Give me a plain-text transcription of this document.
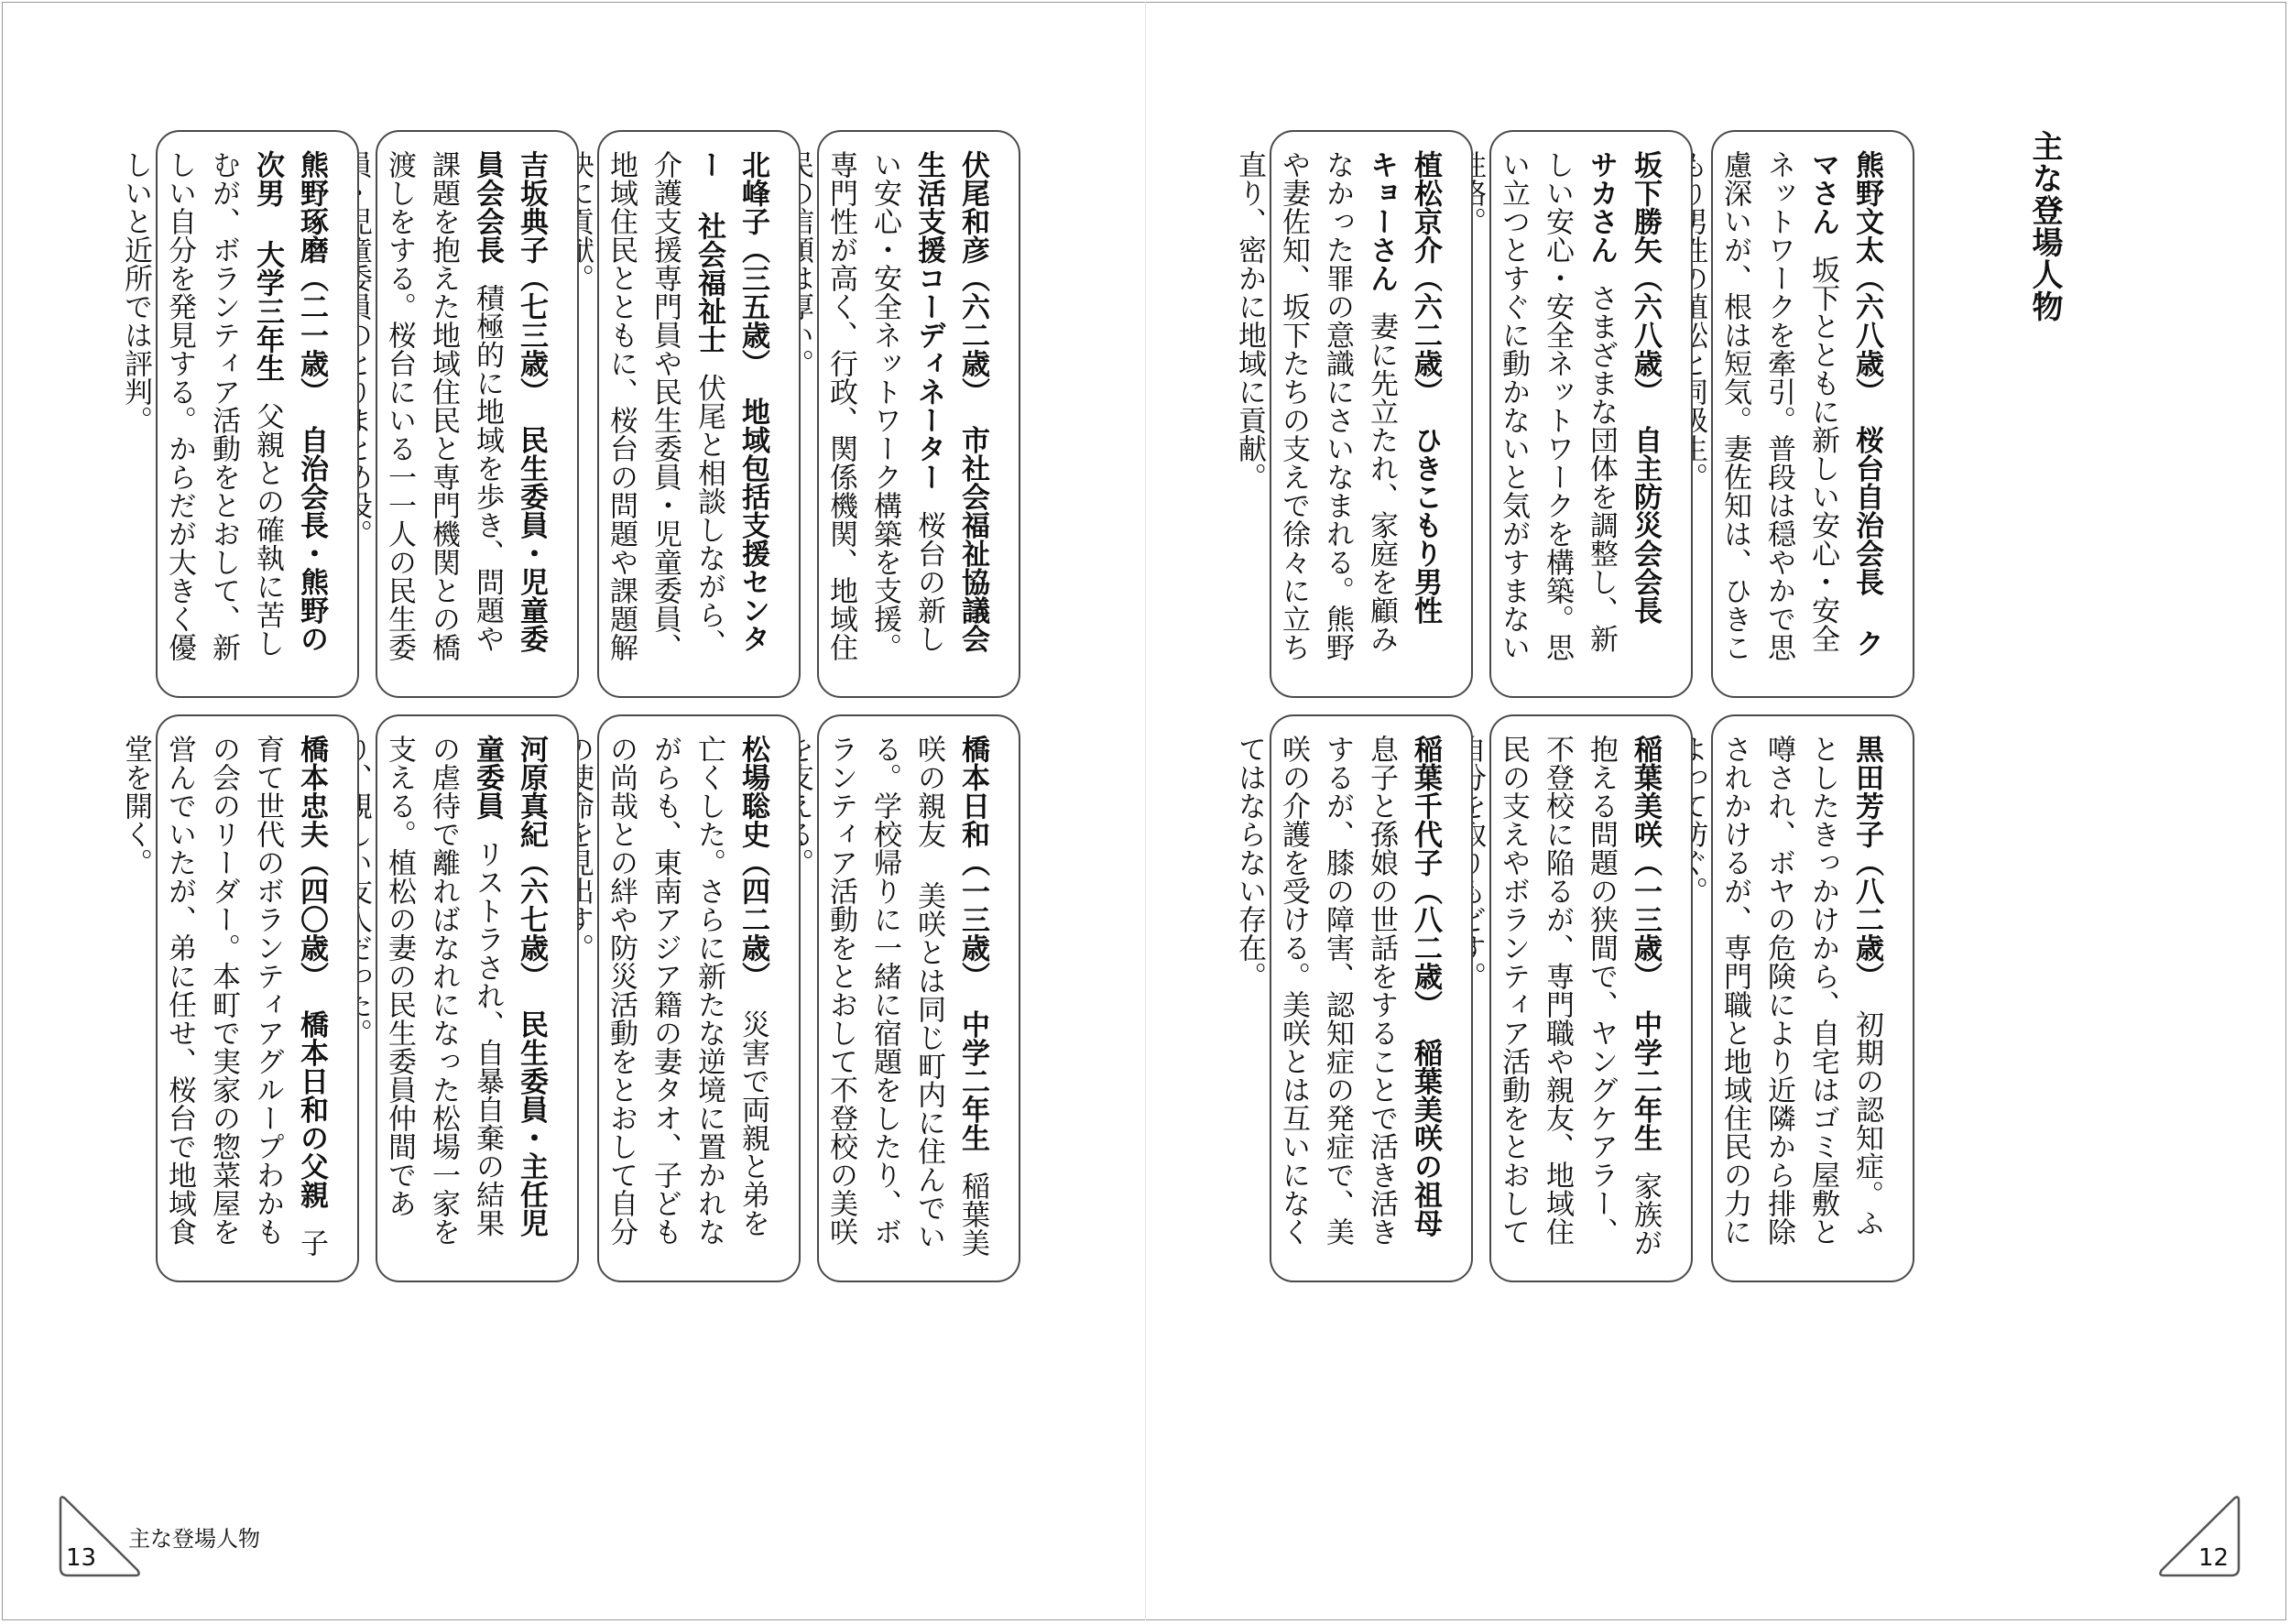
主な登場人物
熊野文太（六八歳）桜台自治会長 クマさん坂下とともに新しい安心・安全ネットワークを牽引。普段は穏やかで思慮深いが、根は短気。妻佐知は、ひきこ
坂下勝矢（六八歳）自主防災会会長 サカさんさまざまな団体を調整し、新しい安心・安全ネットワークを構築。思い立つとすぐに動かないと気がすまない
植松京介（六二歳）ひきこもり男性 キョーさん妻に先立たれ、家庭を顧みなかった罪の意識にさいなまれる。熊野や妻佐知、坂下たちの支えで徐々に立ち直り、密かに地域に貢献。
黒田芳子（八二歳）初期の認知症。ふとしたきっかけから、自宅はゴミ屋敷と噂され、ボヤの危険により近隣から排除されかけるが、専門職と地域住民の力に
稲葉美咲（一三歳）中学二年生家族が抱える問題の狭間で、ヤングケアラー、不登校に陥るが、専門職や親友、地域住民の支えやボランティア活動をとおして
稲葉千代子（八二歳）稲葉美咲の祖母息子と孫娘の世話をすることで活き活きするが、膝の障害、認知症の発症で、美咲の介護を受ける。美咲とは互いになくてはならない存在。
伏尾和彦（六二歳）市社会福祉協議会 生活支援コーディネーター桜台の新しい安心・安全ネットワーク構築を支援。専門性が高く、行政、関係機関、地域住
北峰子（三五歳）地域包括支援センター 社会福祉士伏尾と相談しながら、介護支援専門員や民生委員・児童委員、地域住民とともに、桜台の問題や課題解
吉坂典子（七三歳）民生委員・児童委員会会長積極的に地域を歩き、問題や課題を抱えた地域住民と専門機関との橋渡しをする。桜台にいる一一人の民生委
熊野琢磨（二一歳）自治会長・熊野の次男 大学三年生父親との確執に苦しむが、ボランティア活動をとおして、新しい自分を発見する。からだが大きく優しいと近所では評判。
橋本日和（一三歳）中学二年生稲葉美咲の親友 美咲とは同じ町内に住んでいる。学校帰りに一緒に宿題をしたり、ボランティア活動をとおして不登校の美咲
松場聡史（四二歳）災害で両親と弟を亡くした。さらに新たな逆境に置かれながらも、東南アジア籍の妻タオ、子どもの尚哉との絆や防災活動をとおして自分
河原真紀（六七歳）民生委員・主任児童委員リストラされ、自暴自棄の結果の虐待で離ればなれになった松場一家を支える。植松の妻の民生委員仲間であ
橋本忠夫（四〇歳）橋本日和の父親子育て世代のボランティアグループわかもの会のリーダー。本町で実家の惣菜屋を営んでいたが、弟に任せ、桜台で地域食堂を開く。
13
主な登場人物
12
